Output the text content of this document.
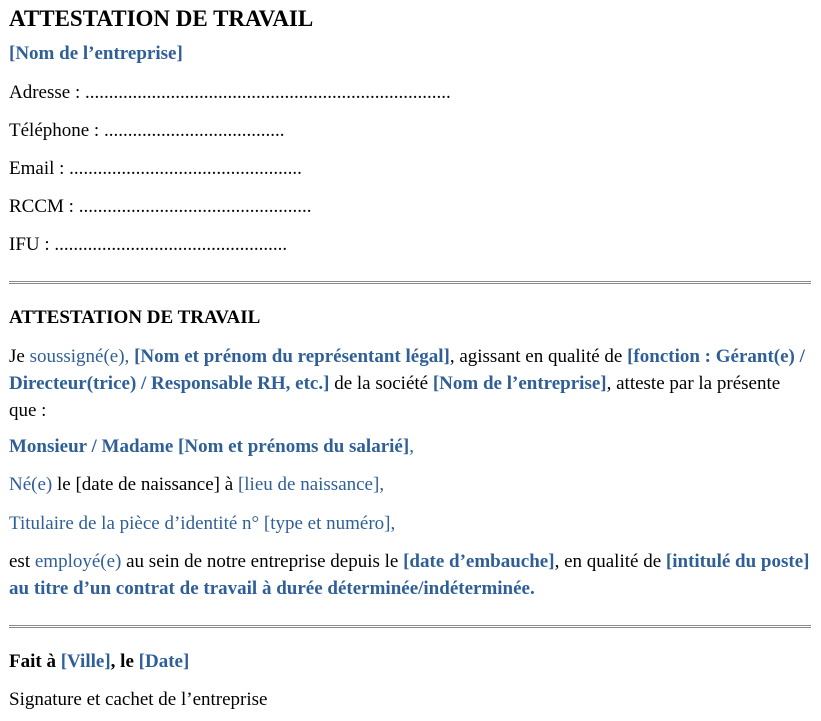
ATTESTATION DE TRAVAIL
[Nom de l’entreprise]
Adresse : .............................................................................
Téléphone : ......................................
Email : .................................................
RCCM : .................................................
IFU : .................................................
ATTESTATION DE TRAVAIL

Je soussigné(e), [Nom et prénom du représentant légal], agissant en qualité de [fonction : Gérant(e) / Directeur(trice) / Responsable RH, etc.] de la société [Nom de l’entreprise], atteste par la présente que :

Monsieur / Madame [Nom et prénoms du salarié],
Né(e) le [date de naissance] à [lieu de naissance],
Titulaire de la pièce d’identité n° [type et numéro],

est employé(e) au sein de notre entreprise depuis le [date d’embauche], en qualité de [intitulé du poste] au titre d’un contrat de travail à durée déterminée/indéterminée.

Fait à [Ville], le [Date]
Signature et cachet de l’entreprise
